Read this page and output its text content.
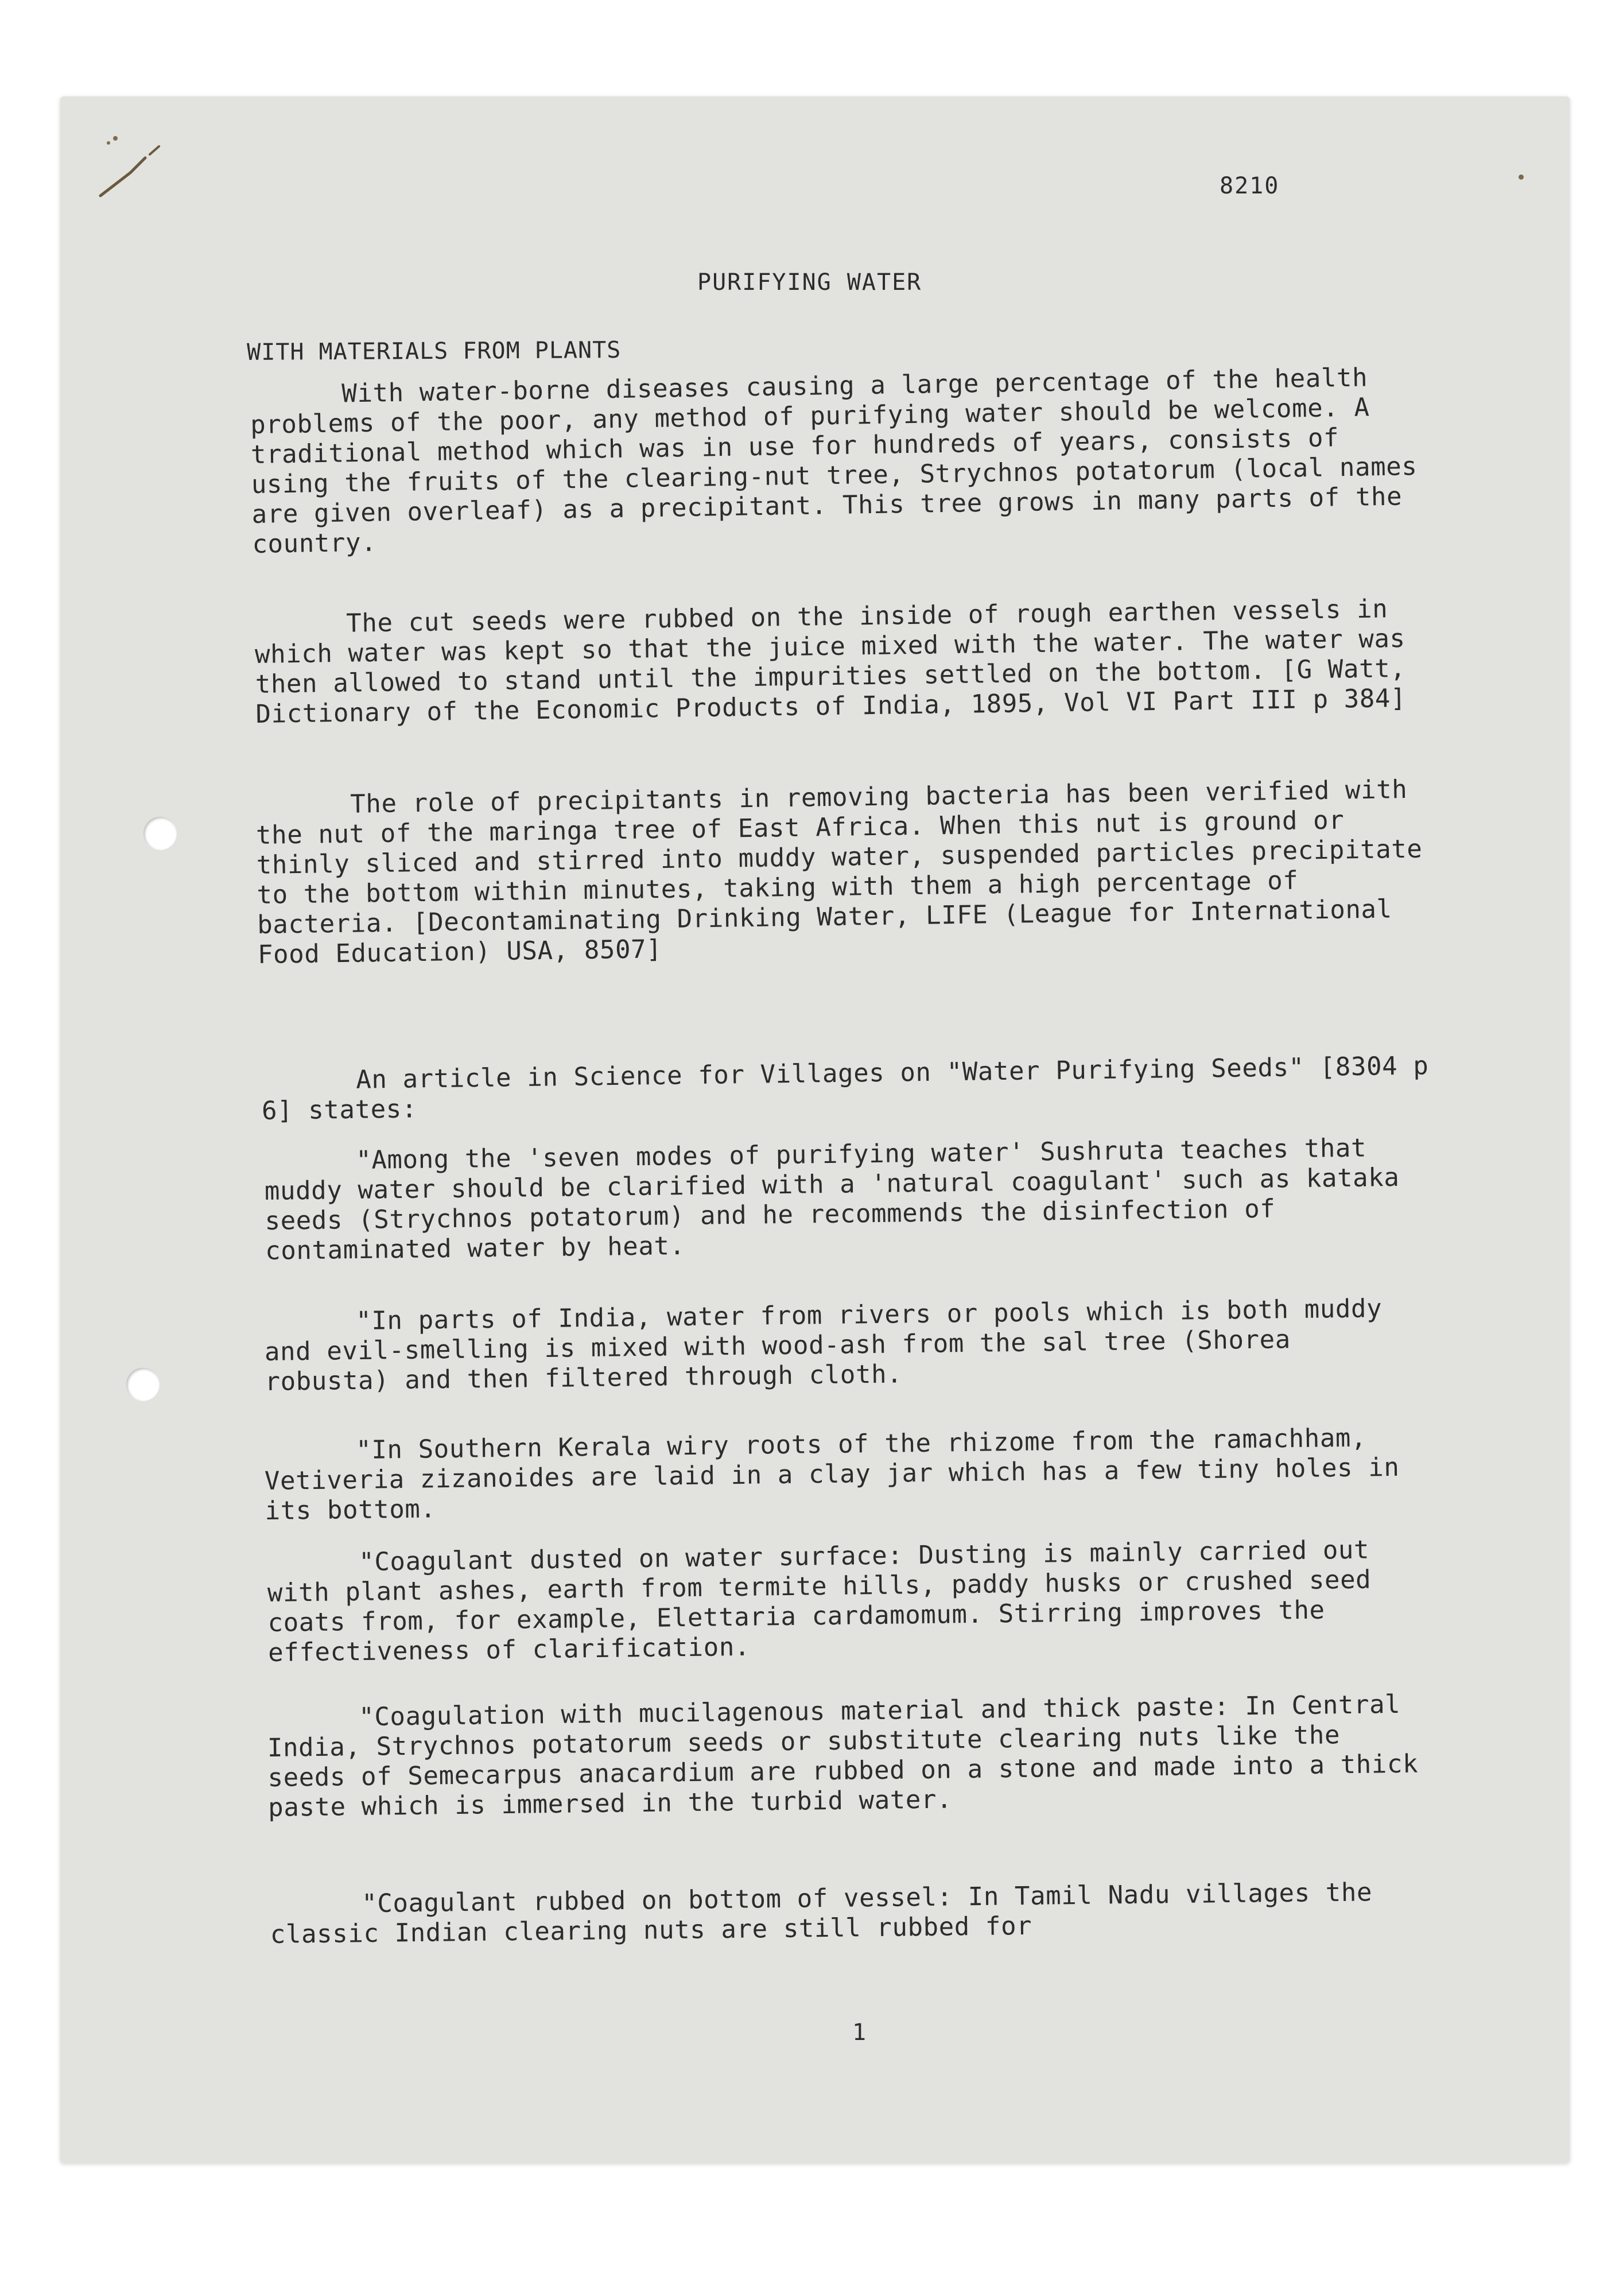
8210
PURIFYING WATER
WITH MATERIALS FROM PLANTS
With water-borne diseases causing a large percentage of the health problems of the poor, any method of purifying water should be welcome. A traditional method which was in use for hundreds of years, consists of using the fruits of the clearing-nut tree, Strychnos potatorum (local names are given overleaf) as a precipitant. This tree grows in many parts of the country.
The cut seeds were rubbed on the inside of rough earthen vessels in which water was kept so that the juice mixed with the water. The water was then allowed to stand until the impurities settled on the bottom. [G Watt, Dictionary of the Economic Products of India, 1895, Vol VI Part III p 384]
The role of precipitants in removing bacteria has been verified with the nut of the maringa tree of East Africa. When this nut is ground or thinly sliced and stirred into muddy water, suspended particles precipitate to the bottom within minutes, taking with them a high percentage of bacteria. [Decontaminating Drinking Water, LIFE (League for International Food Education) USA, 8507]
An article in Science for Villages on "Water Purifying Seeds" [8304 p 6] states:
"Among the 'seven modes of purifying water' Sushruta teaches that muddy water should be clarified with a 'natural coagulant' such as kataka seeds (Strychnos potatorum) and he recommends the disinfection of contaminated water by heat.
"In parts of India, water from rivers or pools which is both muddy and evil-smelling is mixed with wood-ash from the sal tree (Shorea robusta) and then filtered through cloth.
"In Southern Kerala wiry roots of the rhizome from the ramachham, Vetiveria zizanoides are laid in a clay jar which has a few tiny holes in its bottom.
"Coagulant dusted on water surface: Dusting is mainly carried out with plant ashes, earth from termite hills, paddy husks or crushed seed coats from, for example, Elettaria cardamomum. Stirring improves the effectiveness of clarification.
"Coagulation with mucilagenous material and thick paste: In Central India, Strychnos potatorum seeds or substitute clearing nuts like the seeds of Semecarpus anacardium are rubbed on a stone and made into a thick paste which is immersed in the turbid water.
"Coagulant rubbed on bottom of vessel: In Tamil Nadu villages the classic Indian clearing nuts are still rubbed for
1
